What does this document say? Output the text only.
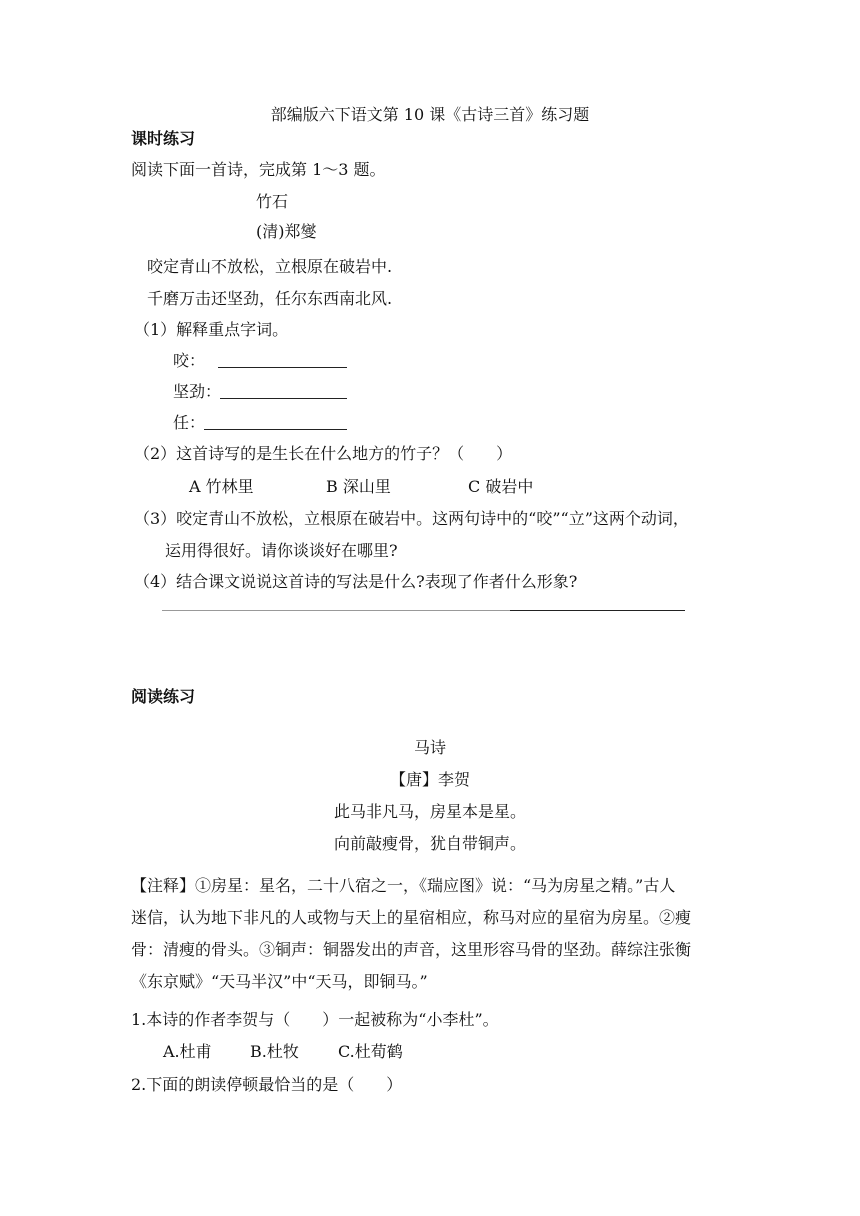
部编版六下语文第 10 课《古诗三首》练习题
课时练习
阅读下面一首诗，完成第 1～3 题。
竹石
(清)郑燮
咬定青山不放松，立根原在破岩中.
千磨万击还坚劲，任尔东西南北风.
（1）解释重点字词。
咬：
坚劲：
任：
（2）这首诗写的是生长在什么地方的竹子？（　　）
A 竹林里	B 深山里	C 破岩中
（3）咬定青山不放松，立根原在破岩中。这两句诗中的“咬”“立”这两个动词，
运用得很好。请你谈谈好在哪里?
（4）结合课文说说这首诗的写法是什么?表现了作者什么形象?
阅读练习
马诗
【唐】李贺
此马非凡马，房星本是星。
向前敲瘦骨，犹自带铜声。
【注释】①房星：星名，二十八宿之一，《瑞应图》说：“马为房星之精。”古人
迷信，认为地下非凡的人或物与天上的星宿相应，称马对应的星宿为房星。②瘦
骨：清瘦的骨头。③铜声：铜器发出的声音，这里形容马骨的坚劲。薛综注张衡
《东京赋》“天马半汉”中“天马，即铜马。”
1.本诗的作者李贺与（　　）一起被称为“小李杜”。
A.杜甫 B.杜牧 C.杜荀鹤
2.下面的朗读停顿最恰当的是（　　）
